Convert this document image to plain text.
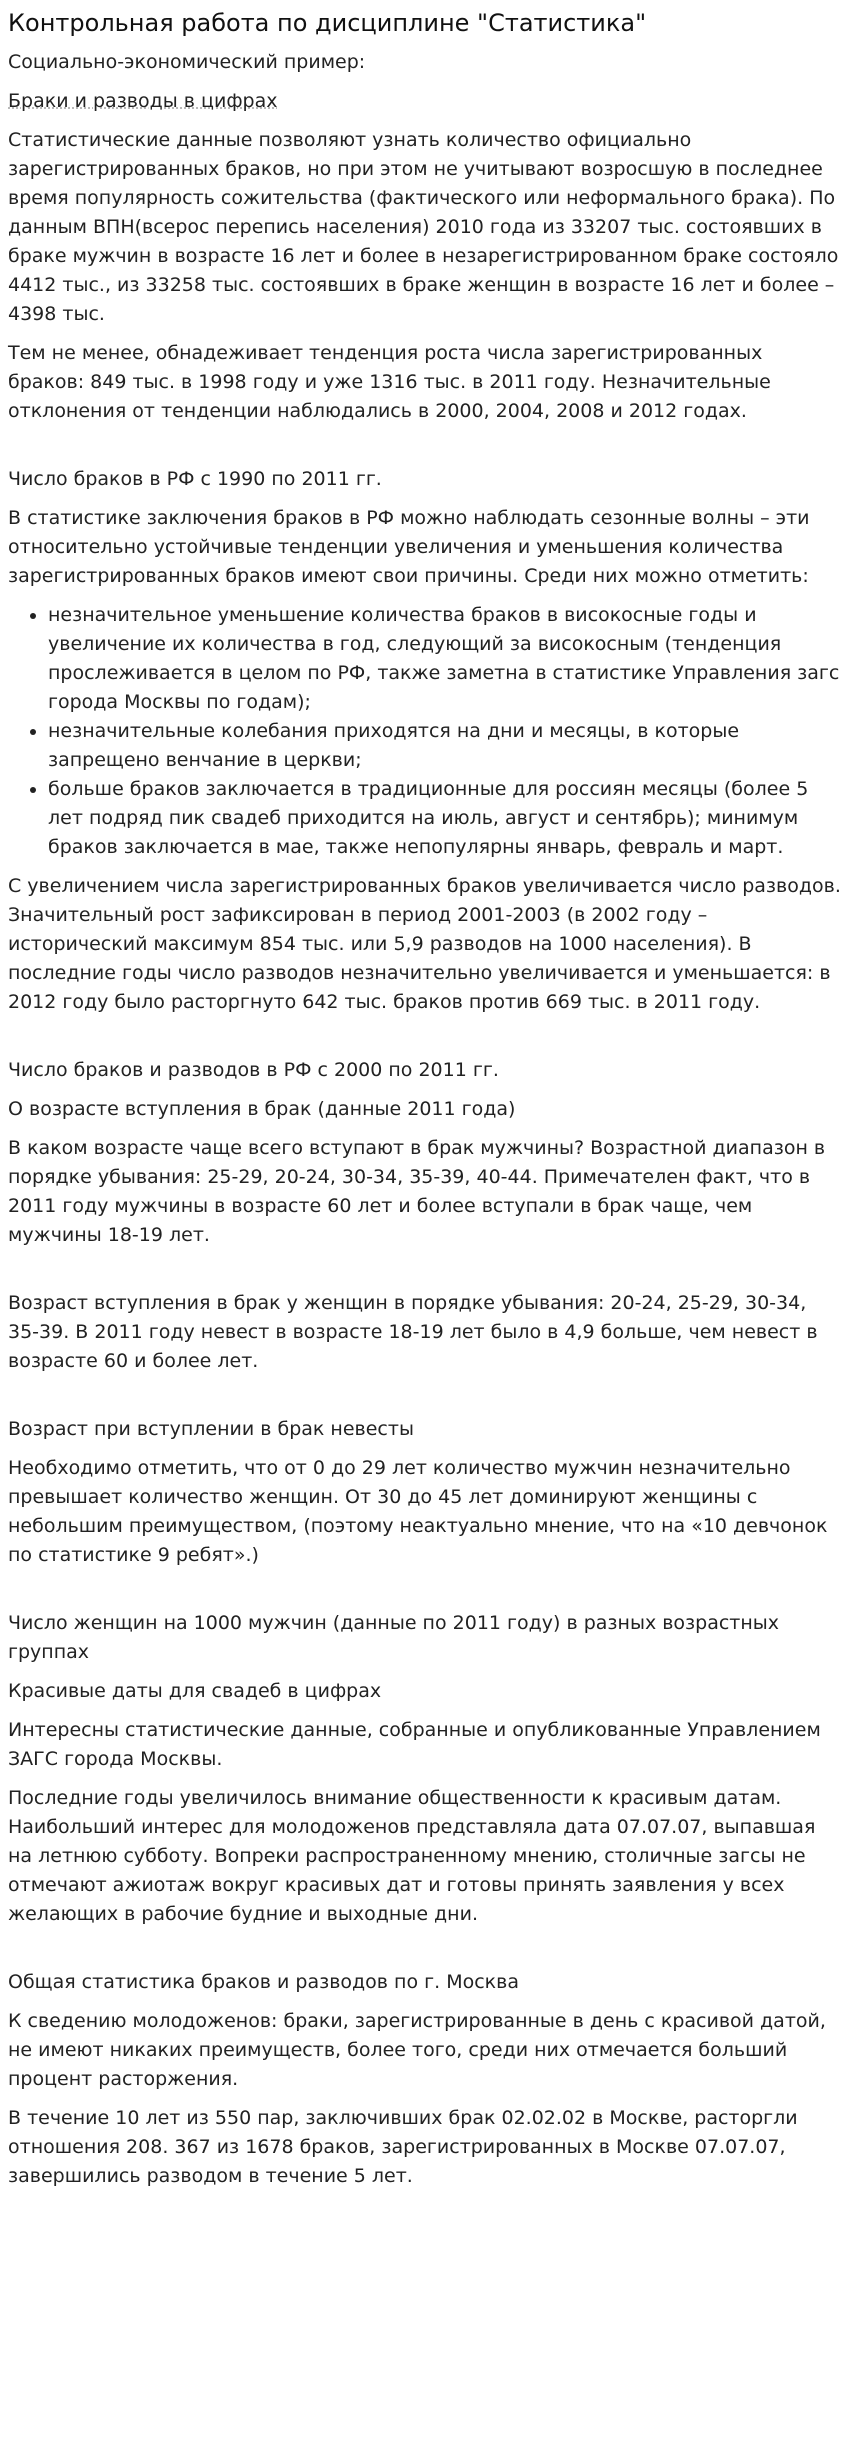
Контрольная работа по дисциплине "Статистика"

Социально-экономический пример:

Браки и разводы в цифрах

Статистические данные позволяют узнать количество официально зарегистрированных браков, но при этом не учитывают возросшую в последнее время популярность сожительства (фактического или неформального брака). По данным ВПН(всерос перепись населения) 2010 года из 33207 тыс. состоявших в браке мужчин в возрасте 16 лет и более в незарегистрированном браке состояло 4412 тыс., из 33258 тыс. состоявших в браке женщин в возрасте 16 лет и более – 4398 тыс.

Тем не менее, обнадеживает тенденция роста числа зарегистрированных браков: 849 тыс. в 1998 году и уже 1316 тыс. в 2011 году. Незначительные отклонения от тенденции наблюдались в 2000, 2004, 2008 и 2012 годах.

Число браков в РФ с 1990 по 2011 гг.

В статистике заключения браков в РФ можно наблюдать сезонные волны – эти относительно устойчивые тенденции увеличения и уменьшения количества зарегистрированных браков имеют свои причины. Среди них можно отметить:

• незначительное уменьшение количества браков в високосные годы и увеличение их количества в год, следующий за високосным (тенденция прослеживается в целом по РФ, также заметна в статистике Управления загс города Москвы по годам);
• незначительные колебания приходятся на дни и месяцы, в которые запрещено венчание в церкви;
• больше браков заключается в традиционные для россиян месяцы (более 5 лет подряд пик свадеб приходится на июль, август и сентябрь); минимум браков заключается в мае, также непопулярны январь, февраль и март.

С увеличением числа зарегистрированных браков увеличивается число разводов. Значительный рост зафиксирован в период 2001-2003 (в 2002 году – исторический максимум 854 тыс. или 5,9 разводов на 1000 населения). В последние годы число разводов незначительно увеличивается и уменьшается: в 2012 году было расторгнуто 642 тыс. браков против 669 тыс. в 2011 году.

Число браков и разводов в РФ с 2000 по 2011 гг.

О возрасте вступления в брак (данные 2011 года)

В каком возрасте чаще всего вступают в брак мужчины? Возрастной диапазон в порядке убывания: 25-29, 20-24, 30-34, 35-39, 40-44. Примечателен факт, что в 2011 году мужчины в возрасте 60 лет и более вступали в брак чаще, чем мужчины 18-19 лет.

Возраст вступления в брак у женщин в порядке убывания: 20-24, 25-29, 30-34, 35-39. В 2011 году невест в возрасте 18-19 лет было в 4,9 больше, чем невест в возрасте 60 и более лет.

Возраст при вступлении в брак невесты

Необходимо отметить, что от 0 до 29 лет количество мужчин незначительно превышает количество женщин. От 30 до 45 лет доминируют женщины с небольшим преимуществом, (поэтому неактуально мнение, что на «10 девчонок по статистике 9 ребят».)

Число женщин на 1000 мужчин (данные по 2011 году) в разных возрастных группах

Красивые даты для свадеб в цифрах

Интересны статистические данные, собранные и опубликованные Управлением ЗАГС города Москвы.

Последние годы увеличилось внимание общественности к красивым датам. Наибольший интерес для молодоженов представляла дата 07.07.07, выпавшая на летнюю субботу. Вопреки распространенному мнению, столичные загсы не отмечают ажиотаж вокруг красивых дат и готовы принять заявления у всех желающих в рабочие будние и выходные дни.

Общая статистика браков и разводов по г. Москва

К сведению молодоженов: браки, зарегистрированные в день с красивой датой, не имеют никаких преимуществ, более того, среди них отмечается больший процент расторжения.

В течение 10 лет из 550 пар, заключивших брак 02.02.02 в Москве, расторгли отношения 208. 367 из 1678 браков, зарегистрированных в Москве 07.07.07, завершились разводом в течение 5 лет.
